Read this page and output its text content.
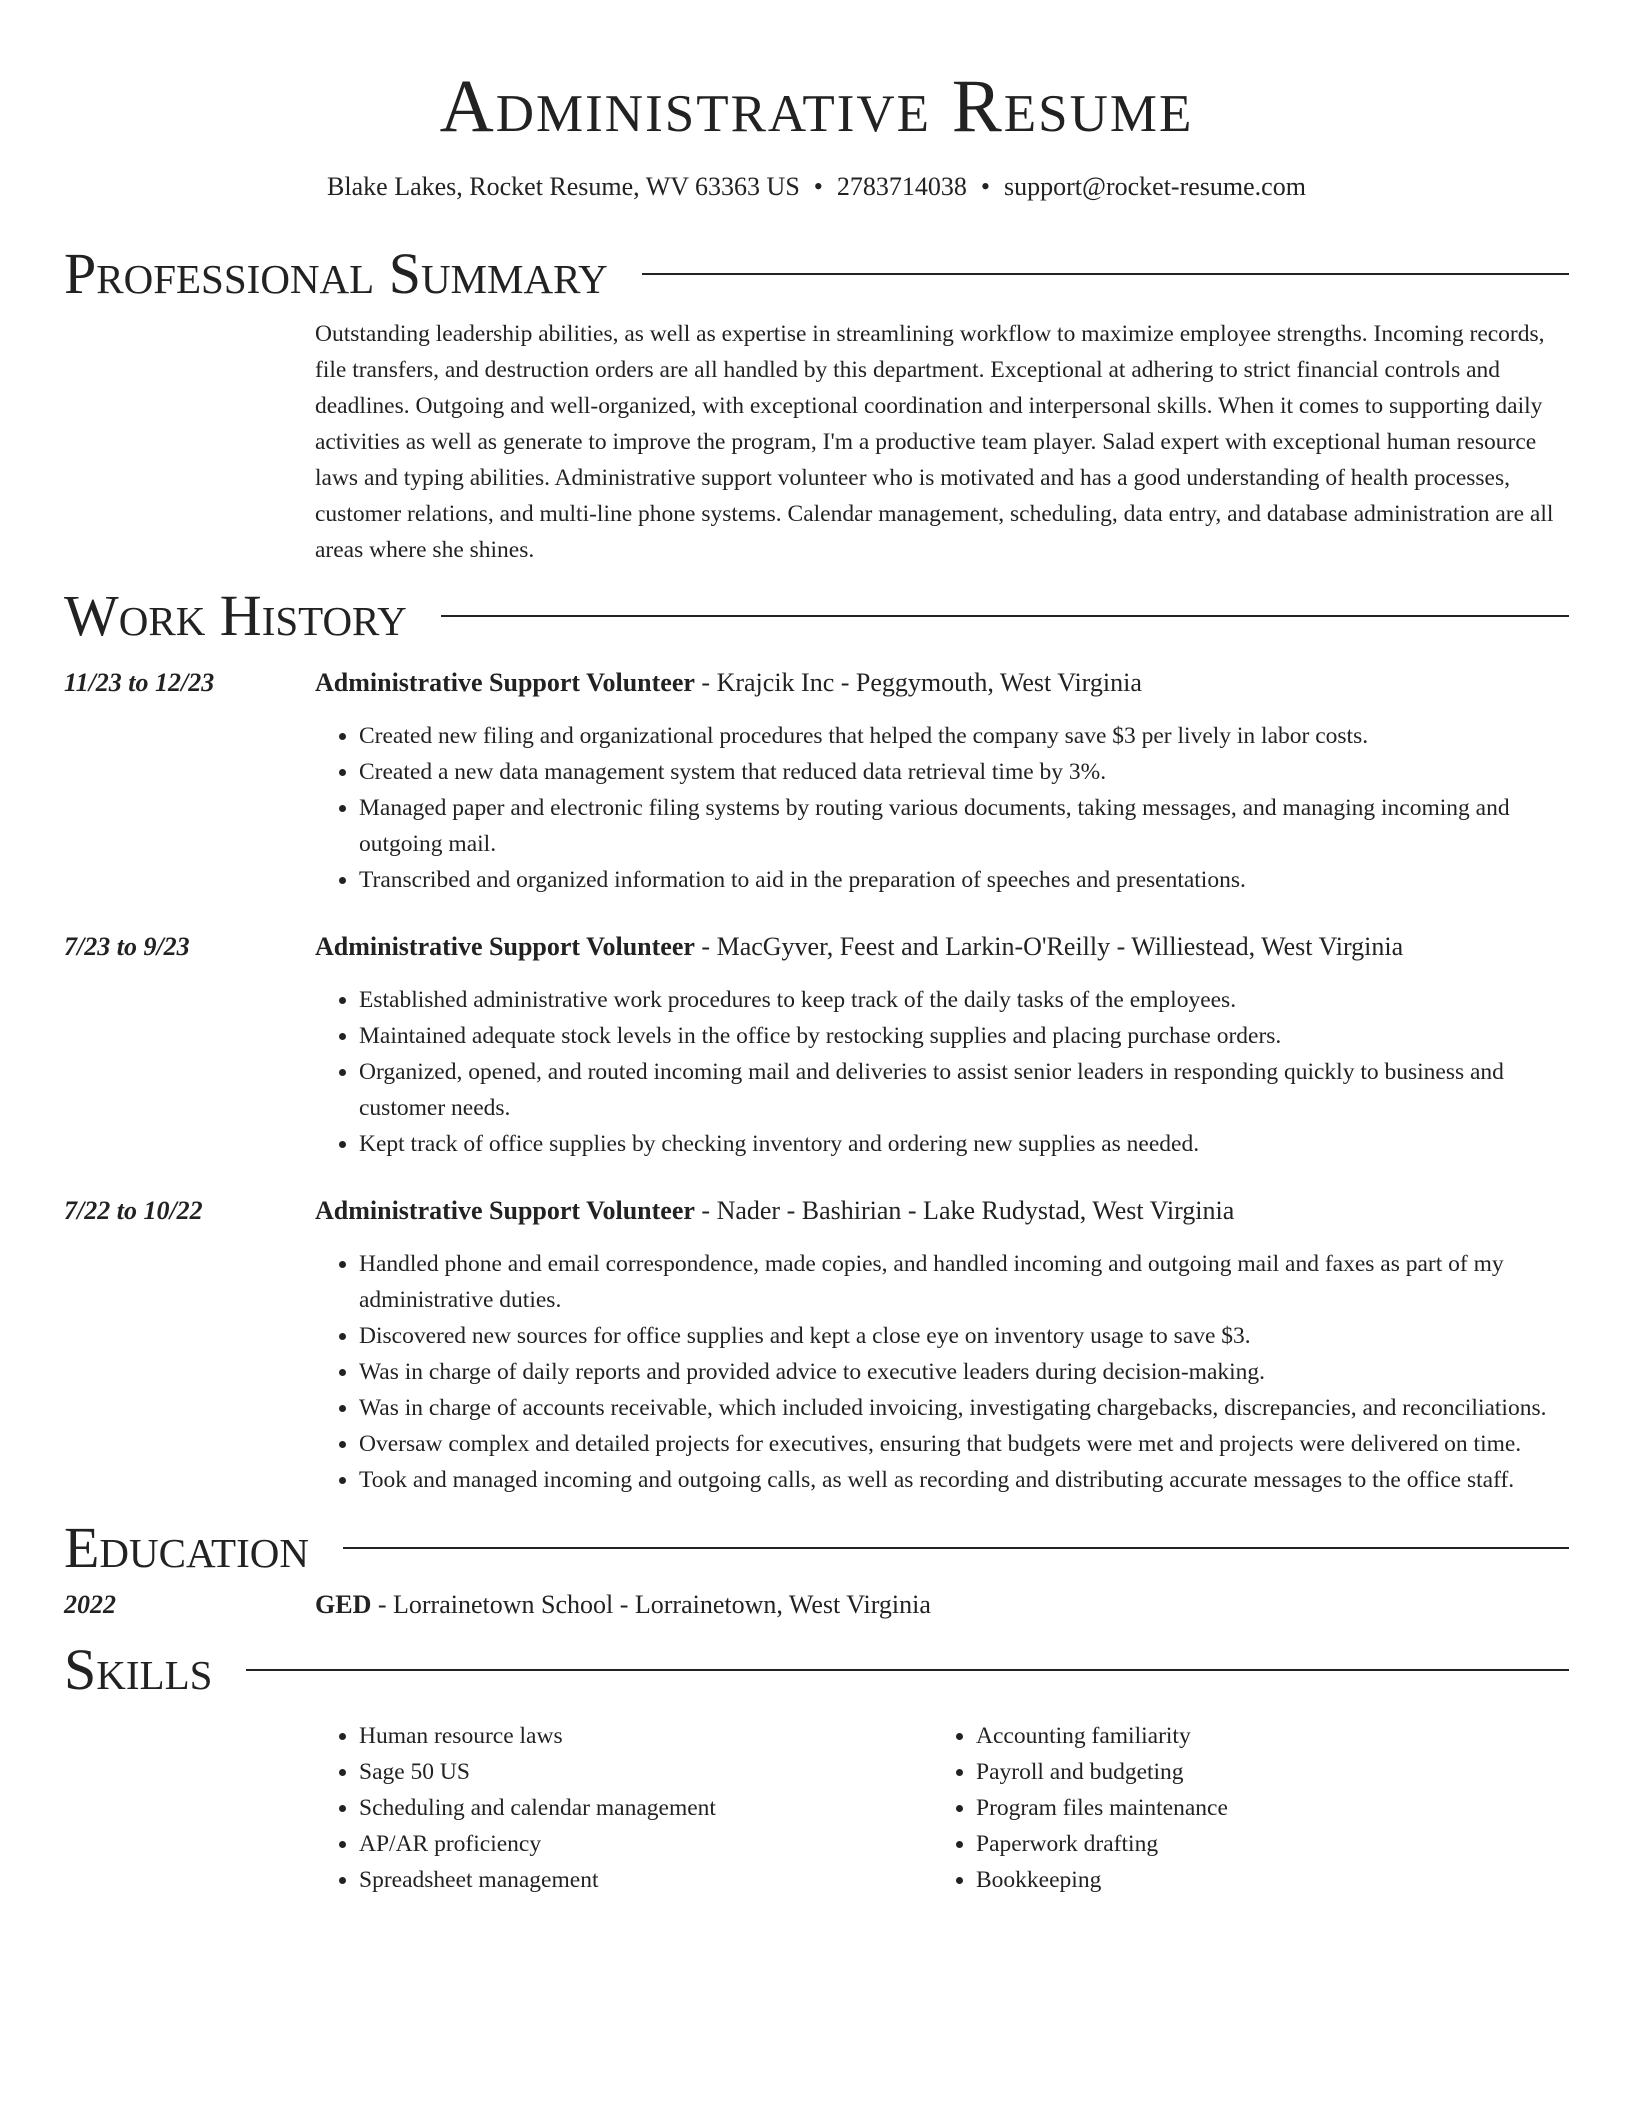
Administrative Resume
Blake Lakes, Rocket Resume, WV 63363 US • 2783714038 • support@rocket-resume.com
Professional Summary

Outstanding leadership abilities, as well as expertise in streamlining workflow to maximize employee strengths. Incoming records, file transfers, and destruction orders are all handled by this department. Exceptional at adhering to strict financial controls and deadlines. Outgoing and well-organized, with exceptional coordination and interpersonal skills. When it comes to supporting daily activities as well as generate to improve the program, I'm a productive team player. Salad expert with exceptional human resource laws and typing abilities. Administrative support volunteer who is motivated and has a good understanding of health processes, customer relations, and multi-line phone systems. Calendar management, scheduling, data entry, and database administration are all areas where she shines.

Work History
11/23 to 12/23	Administrative Support Volunteer - Krajcik Inc - Peggymouth, West Virginia
• Created new filing and organizational procedures that helped the company save $3 per lively in labor costs.
• Created a new data management system that reduced data retrieval time by 3%.
• Managed paper and electronic filing systems by routing various documents, taking messages, and managing incoming and outgoing mail.
• Transcribed and organized information to aid in the preparation of speeches and presentations.
7/23 to 9/23	Administrative Support Volunteer - MacGyver, Feest and Larkin-O'Reilly - Williestead, West Virginia
• Established administrative work procedures to keep track of the daily tasks of the employees.
• Maintained adequate stock levels in the office by restocking supplies and placing purchase orders.
• Organized, opened, and routed incoming mail and deliveries to assist senior leaders in responding quickly to business and customer needs.
• Kept track of office supplies by checking inventory and ordering new supplies as needed.
7/22 to 10/22	Administrative Support Volunteer - Nader - Bashirian - Lake Rudystad, West Virginia
• Handled phone and email correspondence, made copies, and handled incoming and outgoing mail and faxes as part of my administrative duties.
• Discovered new sources for office supplies and kept a close eye on inventory usage to save $3.
• Was in charge of daily reports and provided advice to executive leaders during decision-making.
• Was in charge of accounts receivable, which included invoicing, investigating chargebacks, discrepancies, and reconciliations.
• Oversaw complex and detailed projects for executives, ensuring that budgets were met and projects were delivered on time.
• Took and managed incoming and outgoing calls, as well as recording and distributing accurate messages to the office staff.
Education
2022	GED - Lorrainetown School - Lorrainetown, West Virginia
Skills
• Human resource laws
• Sage 50 US
• Scheduling and calendar management
• AP/AR proficiency
• Spreadsheet management
• Accounting familiarity
• Payroll and budgeting
• Program files maintenance
• Paperwork drafting
• Bookkeeping
